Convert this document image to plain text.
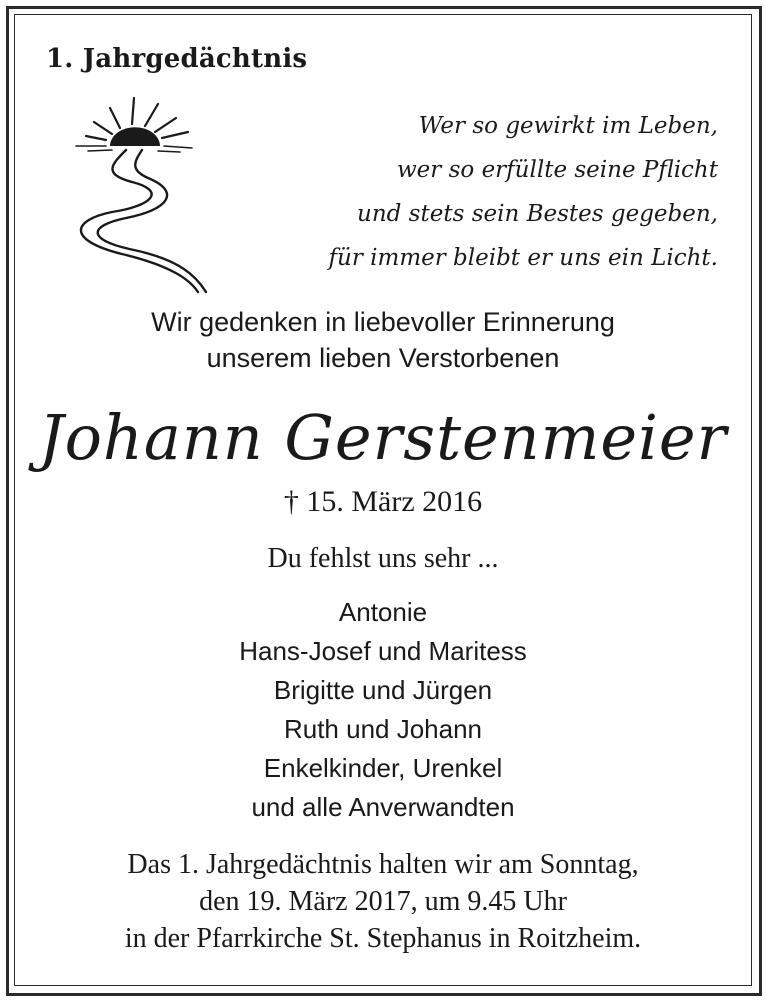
1. Jahrgedächtnis
Wer so gewirkt im Leben,
wer so erfüllte seine Pflicht
und stets sein Bestes gegeben,
für immer bleibt er uns ein Licht.
Wir gedenken in liebevoller Erinnerung
unserem lieben Verstorbenen
Johann Gerstenmeier
† 15. März 2016
Du fehlst uns sehr ...
Antonie
Hans-Josef und Maritess
Brigitte und Jürgen
Ruth und Johann
Enkelkinder, Urenkel
und alle Anverwandten
Das 1. Jahrgedächtnis halten wir am Sonntag,
den 19. März 2017, um 9.45 Uhr
in der Pfarrkirche St. Stephanus in Roitzheim.
